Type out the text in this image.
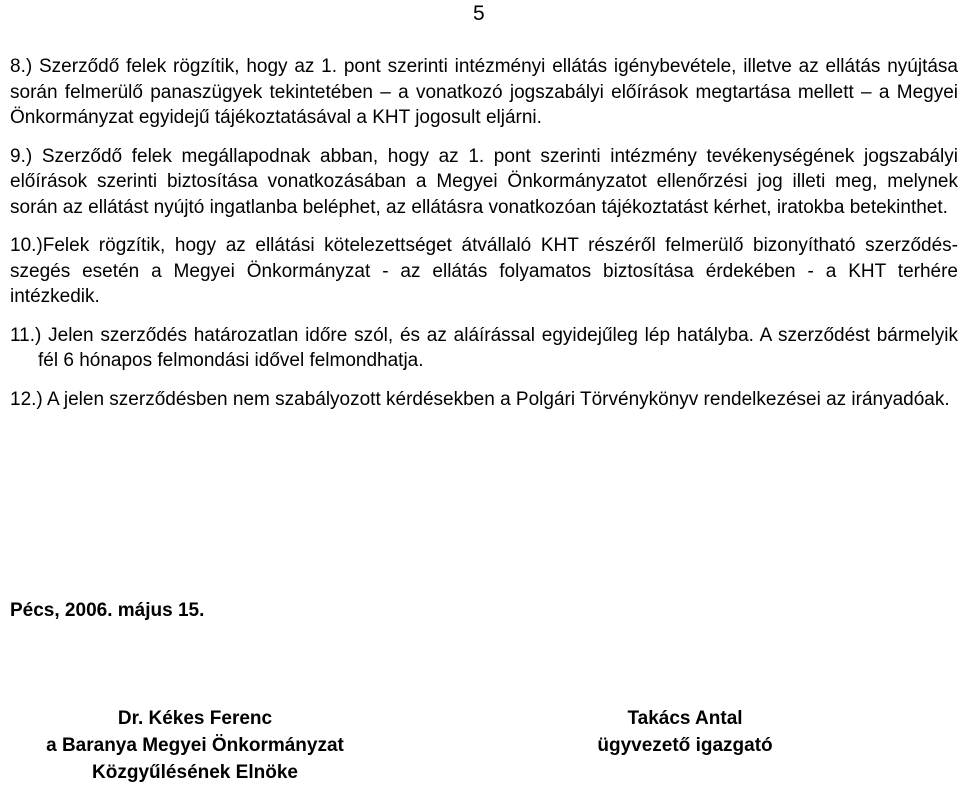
5

8.) Szerződő felek rögzítik, hogy az 1. pont szerinti intézményi ellátás igénybevétele, illetve az ellátás nyújtása során felmerülő panaszügyek tekintetében – a vonatkozó jogszabályi előírások megtartása mellett – a Megyei Önkormányzat egyidejű tájékoztatásával a KHT jogosult eljárni.

9.) Szerződő felek megállapodnak abban, hogy az 1. pont szerinti intézmény tevékenységének jogszabályi előírások szerinti biztosítása vonatkozásában a Megyei Önkormányzatot ellenőrzési jog illeti meg, melynek során az ellátást nyújtó ingatlanba beléphet, az ellátásra vonatkozóan tájékoztatást kérhet, iratokba betekinthet.

10.)Felek rögzítik, hogy az ellátási kötelezettséget átvállaló KHT részéről felmerülő bizonyítható szerződés-szegés esetén a Megyei Önkormányzat - az ellátás folyamatos biztosítása érdekében - a KHT terhére intézkedik.

11.) Jelen szerződés határozatlan időre szól, és az aláírással egyidejűleg lép hatályba. A szerződést bármelyik fél 6 hónapos felmondási idővel felmondhatja.

12.) A jelen szerződésben nem szabályozott kérdésekben a Polgári Törvénykönyv rendelkezései az irányadóak.

Pécs, 2006. május 15.
Dr. Kékes Ferenc
a Baranya Megyei Önkormányzat
Közgyűlésének Elnöke
Takács Antal
ügyvezető igazgató
